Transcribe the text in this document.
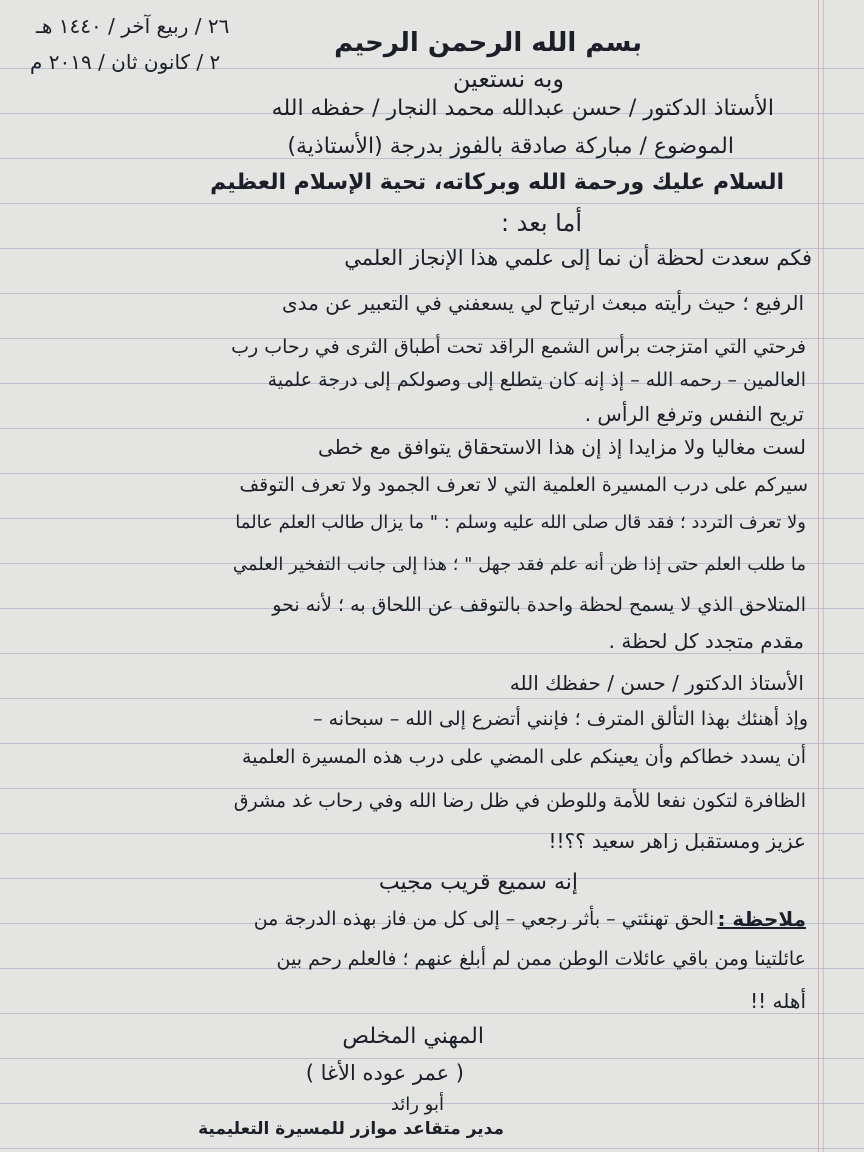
٢٦ / ربيع آخر / ١٤٤٠ هـ
٢ / كانون ثان / ٢٠١٩ م
بسم الله الرحمن الرحيم
وبه نستعين
الأستاذ الدكتور / حسن عبدالله محمد النجار / حفظه الله
الموضوع / مباركة صادقة بالفوز بدرجة (الأستاذية)
السلام عليك ورحمة الله وبركاته، تحية الإسلام العظيم
أما بعد :
فكم سعدت لحظة أن نما إلى علمي هذا الإنجاز العلمي
الرفيع ؛ حيث رأيته مبعث ارتياح لي يسعفني في التعبير عن مدى
فرحتي التي امتزجت برأس الشمع الراقد تحت أطباق الثرى في رحاب رب
العالمين – رحمه الله – إذ إنه كان يتطلع إلى وصولكم إلى درجة علمية
تريح النفس وترفع الرأس .
لست مغاليا ولا مزايدا إذ إن هذا الاستحقاق يتوافق مع خطى
سيركم على درب المسيرة العلمية التي لا تعرف الجمود ولا تعرف التوقف
ولا تعرف التردد ؛ فقد قال صلى الله عليه وسلم : " ما يزال طالب العلم عالما
ما طلب العلم حتى إذا ظن أنه علم فقد جهل " ؛ هذا إلى جانب التفخير العلمي
المتلاحق الذي لا يسمح لحظة واحدة بالتوقف عن اللحاق به ؛ لأنه نحو
مقدم متجدد كل لحظة .
الأستاذ الدكتور / حسن / حفظك الله
وإذ أهنئك بهذا التألق المترف ؛ فإنني أتضرع إلى الله – سبحانه –
أن يسدد خطاكم وأن يعينكم على المضي على درب هذه المسيرة العلمية
الظافرة لتكون نفعا للأمة وللوطن في ظل رضا الله وفي رحاب غد مشرق
عزيز ومستقبل زاهر سعيد ؟؟!!
إنه سميع قريب مجيب
ملاحظة :
الحق تهنئتي – بأثر رجعي – إلى كل من فاز بهذه الدرجة من
عائلتينا ومن باقي عائلات الوطن ممن لم أبلغ عنهم ؛ فالعلم رحم بين
أهله !!
المهني المخلص
( عمر عوده الأغا )
أبو رائد
مدير متقاعد موازر للمسيرة التعليمية
